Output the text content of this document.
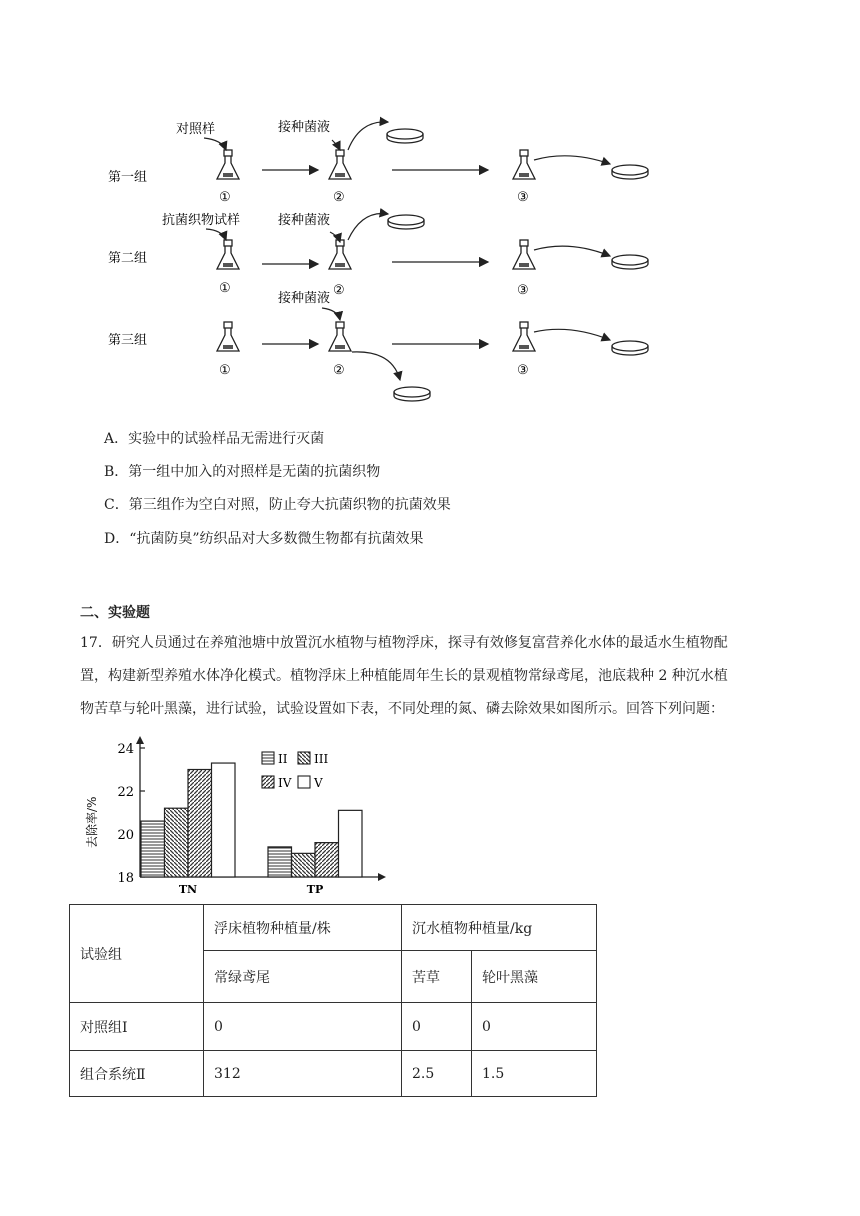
第一组
第二组
第三组
对照样
①
接种菌液
②	③
抗菌织物试样
①
接种菌液
②	③
①
接种菌液
②	③
A．实验中的试验样品无需进行灭菌
B．第一组中加入的对照样是无菌的抗菌织物
C．第三组作为空白对照，防止夸大抗菌织物的抗菌效果
D．“抗菌防臭”纺织品对大多数微生物都有抗菌效果
二、实验题
17．研究人员通过在养殖池塘中放置沉水植物与植物浮床，探寻有效修复富营养化水体的最适水生植物配
置，构建新型养殖水体净化模式。植物浮床上种植能周年生长的景观植物常绿鸢尾，池底栽种 2 种沉水植
物苦草与轮叶黑藻，进行试验，试验设置如下表，不同处理的氮、磷去除效果如图所示。回答下列问题：
18
20
22
24
TN	TP
II III
IV V
去除率/%
试验组	浮床植物种植量/株	沉水植物种植量/kg	
	常绿鸢尾	苦草	轮叶黑藻
对照组Ⅰ	0	0	0
组合系统Ⅱ	312	2.5	1.5
